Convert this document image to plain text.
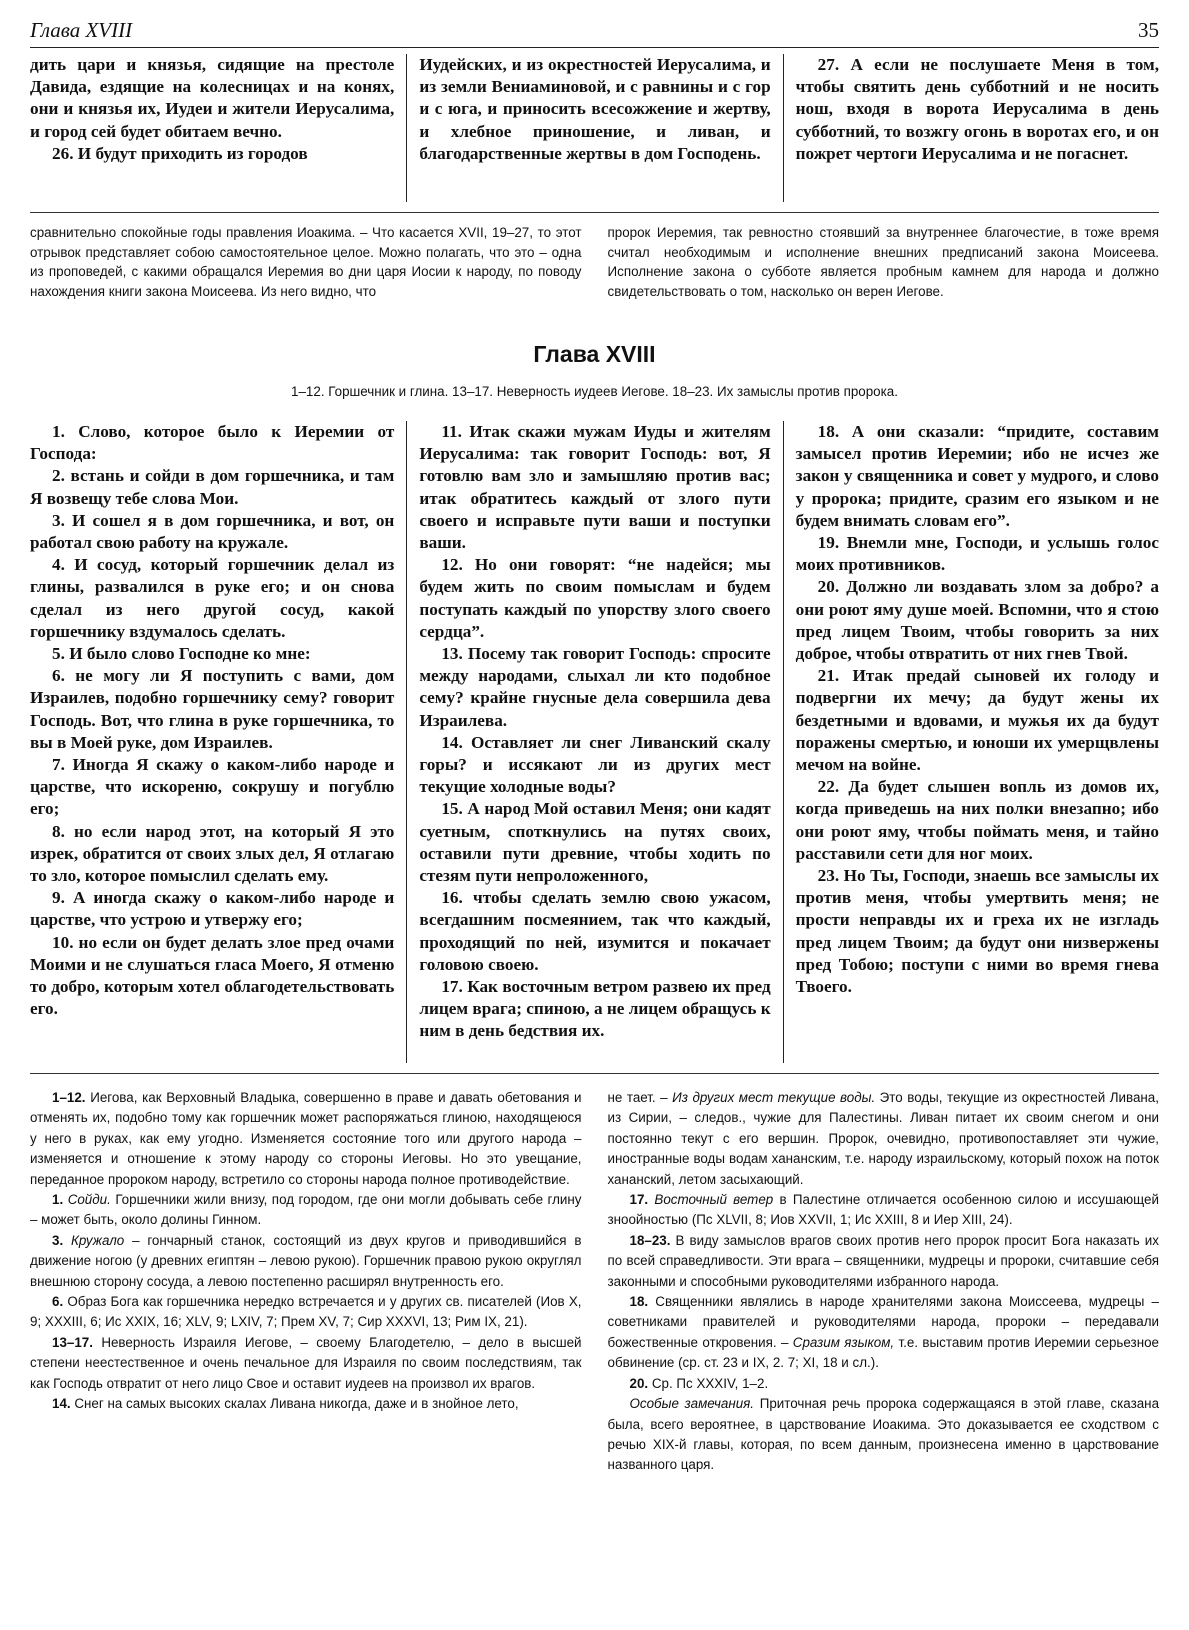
Глава XVIII	35

дить цари и князья, сидящие на престоле Давида, ездящие на колесницах и на конях, они и князья их, Иудеи и жители Иерусалима, и город сей будет обитаем вечно.

26. И будут приходить из городов

Иудейских, и из окрестностей Иерусалима, и из земли Вениаминовой, и с равнины и с гор и с юга, и приносить всесожжение и жертву, и хлебное приношение, и ливан, и благодарственные жертвы в дом Господень.

27. А если не послушаете Меня в том, чтобы святить день субботний и не носить нош, входя в ворота Иерусалима в день субботний, то возжгу огонь в воротах его, и он пожрет чертоги Иерусалима и не погаснет.

сравнительно спокойные годы правления Иоакима. – Что касается XVII, 19–27, то этот отрывок представляет собою самостоятельное целое. Можно полагать, что это – одна из проповедей, с какими обращался Иеремия во дни царя Иосии к народу, по поводу нахождения книги закона Моисеева. Из него видно, что

пророк Иеремия, так ревностно стоявший за внутреннее благочестие, в тоже время считал необходимым и исполнение внешних предписаний закона Моисеева. Исполнение закона о субботе является пробным камнем для народа и должно свидетельствовать о том, насколько он верен Иегове.

Глава XVIII
1–12. Горшечник и глина. 13–17. Неверность иудеев Иегове. 18–23. Их замыслы против пророка.

1. Слово, которое было к Иеремии от Господа:

2. встань и сойди в дом горшечника, и там Я возвещу тебе слова Мои.

3. И сошел я в дом горшечника, и вот, он работал свою работу на кружале.

4. И сосуд, который горшечник делал из глины, развалился в руке его; и он снова сделал из него другой сосуд, какой горшечнику вздумалось сделать.

5. И было слово Господне ко мне:

6. не могу ли Я поступить с вами, дом Израилев, подобно горшечнику сему? говорит Господь. Вот, что глина в руке горшечника, то вы в Моей руке, дом Израилев.

7. Иногда Я скажу о каком-либо народе и царстве, что искореню, сокрушу и погублю его;

8. но если народ этот, на который Я это изрек, обратится от своих злых дел, Я отлагаю то зло, которое помыслил сделать ему.

9. А иногда скажу о каком-либо народе и царстве, что устрою и утвержу его;

10. но если он будет делать злое пред очами Моими и не слушаться гласа Моего, Я отменю то добро, которым хотел облагодетельствовать его.

11. Итак скажи мужам Иуды и жителям Иерусалима: так говорит Господь: вот, Я готовлю вам зло и замышляю против вас; итак обратитесь каждый от злого пути своего и исправьте пути ваши и поступки ваши.

12. Но они говорят: “не надейся; мы будем жить по своим помыслам и будем поступать каждый по упорству злого своего сердца”.

13. Посему так говорит Господь: спросите между народами, слыхал ли кто подобное сему? крайне гнусные дела совершила дева Израилева.

14. Оставляет ли снег Ливанский скалу горы? и иссякают ли из других мест текущие холодные воды?

15. А народ Мой оставил Меня; они кадят суетным, споткнулись на путях своих, оставили пути древние, чтобы ходить по стезям пути непроложенного,

16. чтобы сделать землю свою ужасом, всегдашним посмеянием, так что каждый, проходящий по ней, изумится и покачает головою своею.

17. Как восточным ветром развею их пред лицем врага; спиною, а не лицем обращусь к ним в день бедствия их.

18. А они сказали: “придите, составим замысел против Иеремии; ибо не исчез же закон у священника и совет у мудрого, и слово у пророка; придите, сразим его языком и не будем внимать словам его”.

19. Внемли мне, Господи, и услышь голос моих противников.

20. Должно ли воздавать злом за добро? а они роют яму душе моей. Вспомни, что я стою пред лицем Твоим, чтобы говорить за них доброе, чтобы отвратить от них гнев Твой.

21. Итак предай сыновей их голоду и подвергни их мечу; да будут жены их бездетными и вдовами, и мужья их да будут поражены смертью, и юноши их умерщвлены мечом на войне.

22. Да будет слышен вопль из домов их, когда приведешь на них полки внезапно; ибо они роют яму, чтобы поймать меня, и тайно расставили сети для ног моих.

23. Но Ты, Господи, знаешь все замыслы их против меня, чтобы умертвить меня; не прости неправды их и греха их не изгладь пред лицем Твоим; да будут они низвержены пред Тобою; поступи с ними во время гнева Твоего.

1–12. Иегова, как Верховный Владыка, совершенно в праве и давать обетования и отменять их, подобно тому как горшечник может распоряжаться глиною, находящеюся у него в руках, как ему угодно. Изменяется состояние того или другого народа – изменяется и отношение к этому народу со стороны Иеговы. Но это увещание, переданное пророком народу, встретило со стороны народа полное противодействие.

1. Сойди. Горшечники жили внизу, под городом, где они могли добывать себе глину – может быть, около долины Гинном.

3. Кружало – гончарный станок, состоящий из двух кругов и приводившийся в движение ногою (у древних египтян – левою рукою). Горшечник правою рукою округлял внешнюю сторону сосуда, а левою постепенно расширял внутренность его.

6. Образ Бога как горшечника нередко встречается и у других св. писателей (Иов X, 9; XXXIII, 6; Ис XXIX, 16; XLV, 9; LXIV, 7; Прем XV, 7; Сир XXXVI, 13; Рим IX, 21).

13–17. Неверность Израиля Иегове, – своему Благодетелю, – дело в высшей степени неестественное и очень печальное для Израиля по своим последствиям, так как Господь отвратит от него лицо Свое и оставит иудеев на произвол их врагов.

14. Снег на самых высоких скалах Ливана никогда, даже и в знойное лето,

не тает. – Из других мест текущие воды. Это воды, текущие из окрестностей Ливана, из Сирии, – следов., чужие для Палестины. Ливан питает их своим снегом и они постоянно текут с его вершин. Пророк, очевидно, противопоставляет эти чужие, иностранные воды водам хананским, т.е. народу израильскому, который похож на поток хананский, летом засыхающий.

17. Восточный ветер в Палестине отличается особенною силою и иссушающей зноойностью (Пс XLVII, 8; Иов XXVII, 1; Ис XXIII, 8 и Иер XIII, 24).

18–23. В виду замыслов врагов своих против него пророк просит Бога наказать их по всей справедливости. Эти врага – священники, мудрецы и пророки, считавшие себя законными и способными руководителями избранного народа.

18. Священники являлись в народе хранителями закона Моиссеева, мудрецы – советниками правителей и руководителями народа, пророки – передавали божественные откровения. – Сразим языком, т.е. выставим против Иеремии серьезное обвинение (ср. ст. 23 и IX, 2. 7; XI, 18 и сл.).

20. Ср. Пс XXXIV, 1–2.

Особые замечания. Приточная речь пророка содержащаяся в этой главе, сказана была, всего вероятнее, в царствование Иоакима. Это доказывается ее сходством с речью XIX-й главы, которая, по всем данным, произнесена именно в царствование названного царя.
